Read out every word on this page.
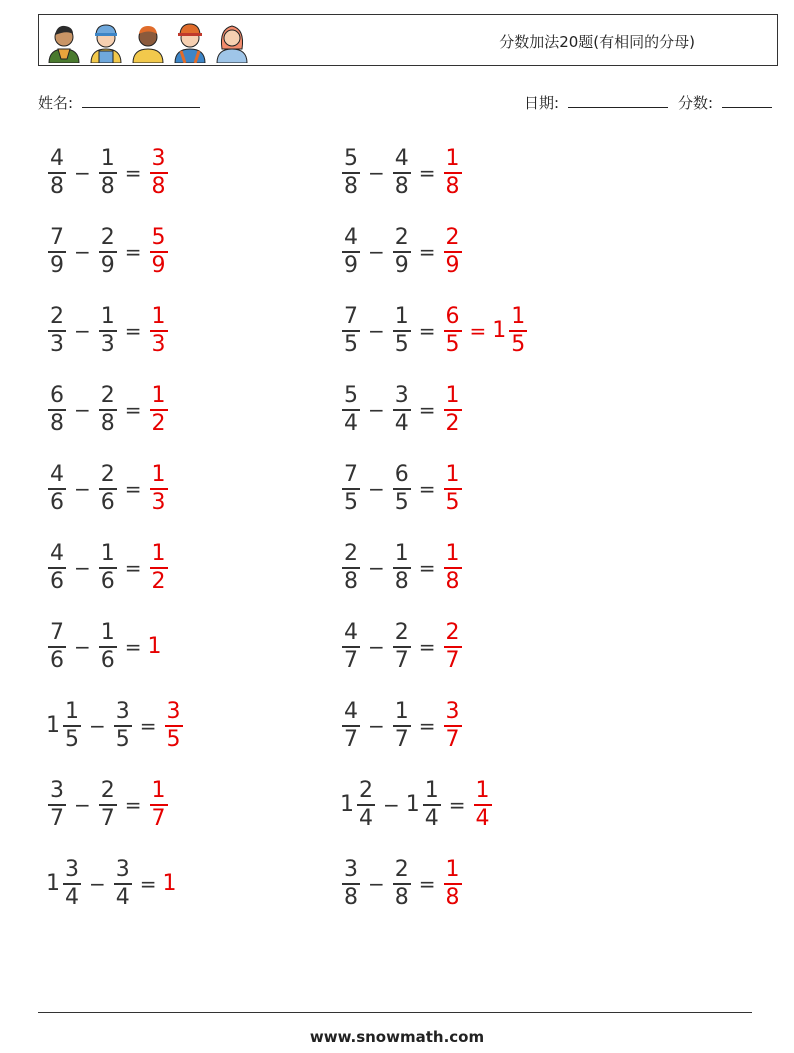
分数加法20题(有相同的分母)
姓名:	日期:	分数:
$\frac{4}{8} - \frac{1}{8} = \frac{3}{8}$	$\frac{5}{8} - \frac{4}{8} = \frac{1}{8}$
$\frac{7}{9} - \frac{2}{9} = \frac{5}{9}$	$\frac{4}{9} - \frac{2}{9} = \frac{2}{9}$
$\frac{2}{3} - \frac{1}{3} = \frac{1}{3}$	$\frac{7}{5} - \frac{1}{5} = \frac{6}{5} = 1 \frac{1}{5}$
$\frac{6}{8} - \frac{2}{8} = \frac{1}{2}$	$\frac{5}{4} - \frac{3}{4} = \frac{1}{2}$
$\frac{4}{6} - \frac{2}{6} = \frac{1}{3}$	$\frac{7}{5} - \frac{6}{5} = \frac{1}{5}$
$\frac{4}{6} - \frac{1}{6} = \frac{1}{2}$	$\frac{2}{8} - \frac{1}{8} = \frac{1}{8}$
$\frac{7}{6} - \frac{1}{6} = 1$	$\frac{4}{7} - \frac{2}{7} = \frac{2}{7}$
$1 \frac{1}{5} - \frac{3}{5} = \frac{3}{5}$	$\frac{4}{7} - \frac{1}{7} = \frac{3}{7}$
$\frac{3}{7} - \frac{2}{7} = \frac{1}{7}$	$1 \frac{2}{4} - 1 \frac{1}{4} = \frac{1}{4}$
$1 \frac{3}{4} - \frac{3}{4} = 1$	$\frac{3}{8} - \frac{2}{8} = \frac{1}{8}$
www.snowmath.com
